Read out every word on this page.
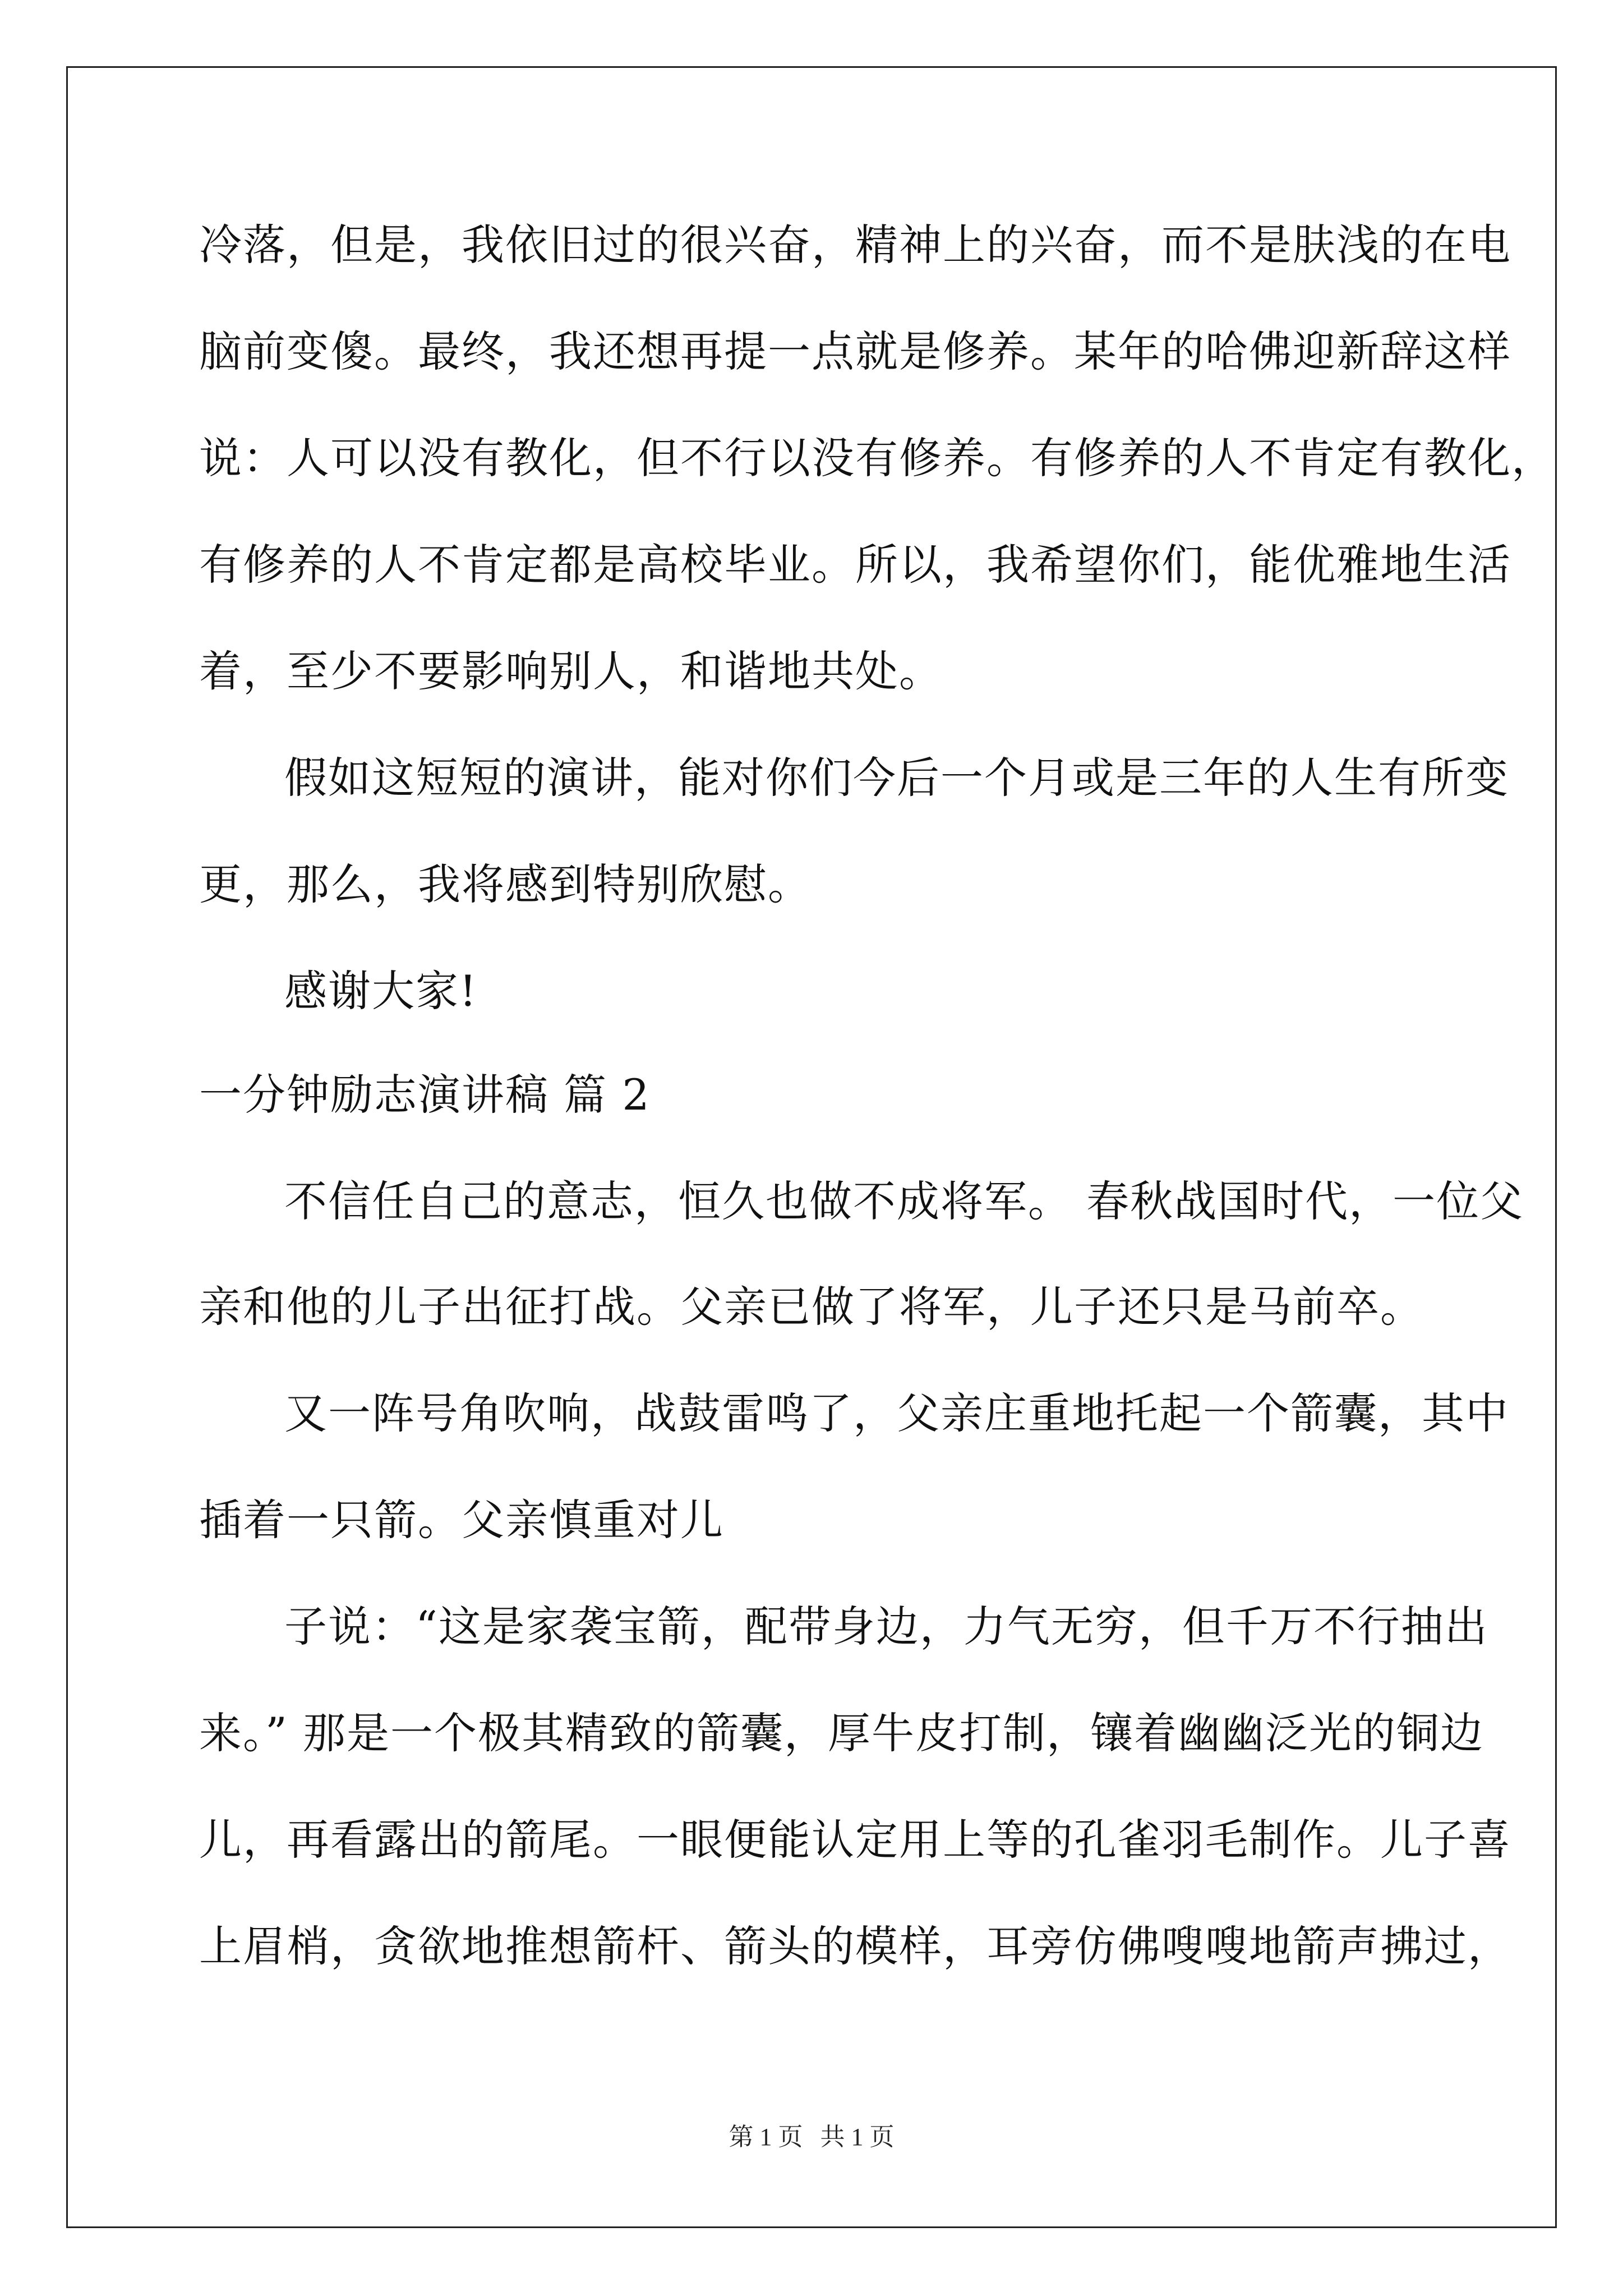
冷落，但是，我依旧过的很兴奋，精神上的兴奋，而不是肤浅的在电
脑前变傻。最终，我还想再提一点就是修养。某年的哈佛迎新辞这样
说：人可以没有教化，但不行以没有修养。有修养的人不肯定有教化，
有修养的人不肯定都是高校毕业。所以，我希望你们，能优雅地生活
着，至少不要影响别人，和谐地共处。
假如这短短的演讲，能对你们今后一个月或是三年的人生有所变
更，那么，我将感到特别欣慰。
感谢大家!
一分钟励志演讲稿 篇 2
不信任自己的意志，恒久也做不成将军。 春秋战国时代，一位父
亲和他的儿子出征打战。父亲已做了将军，儿子还只是马前卒。
又一阵号角吹响，战鼓雷鸣了，父亲庄重地托起一个箭囊，其中
插着一只箭。父亲慎重对儿
子说：“这是家袭宝箭，配带身边，力气无穷，但千万不行抽出
来。” 那是一个极其精致的箭囊，厚牛皮打制，镶着幽幽泛光的铜边
儿，再看露出的箭尾。一眼便能认定用上等的孔雀羽毛制作。儿子喜
上眉梢，贪欲地推想箭杆、箭头的模样，耳旁仿佛嗖嗖地箭声拂过，
第 1 页 共 1 页
